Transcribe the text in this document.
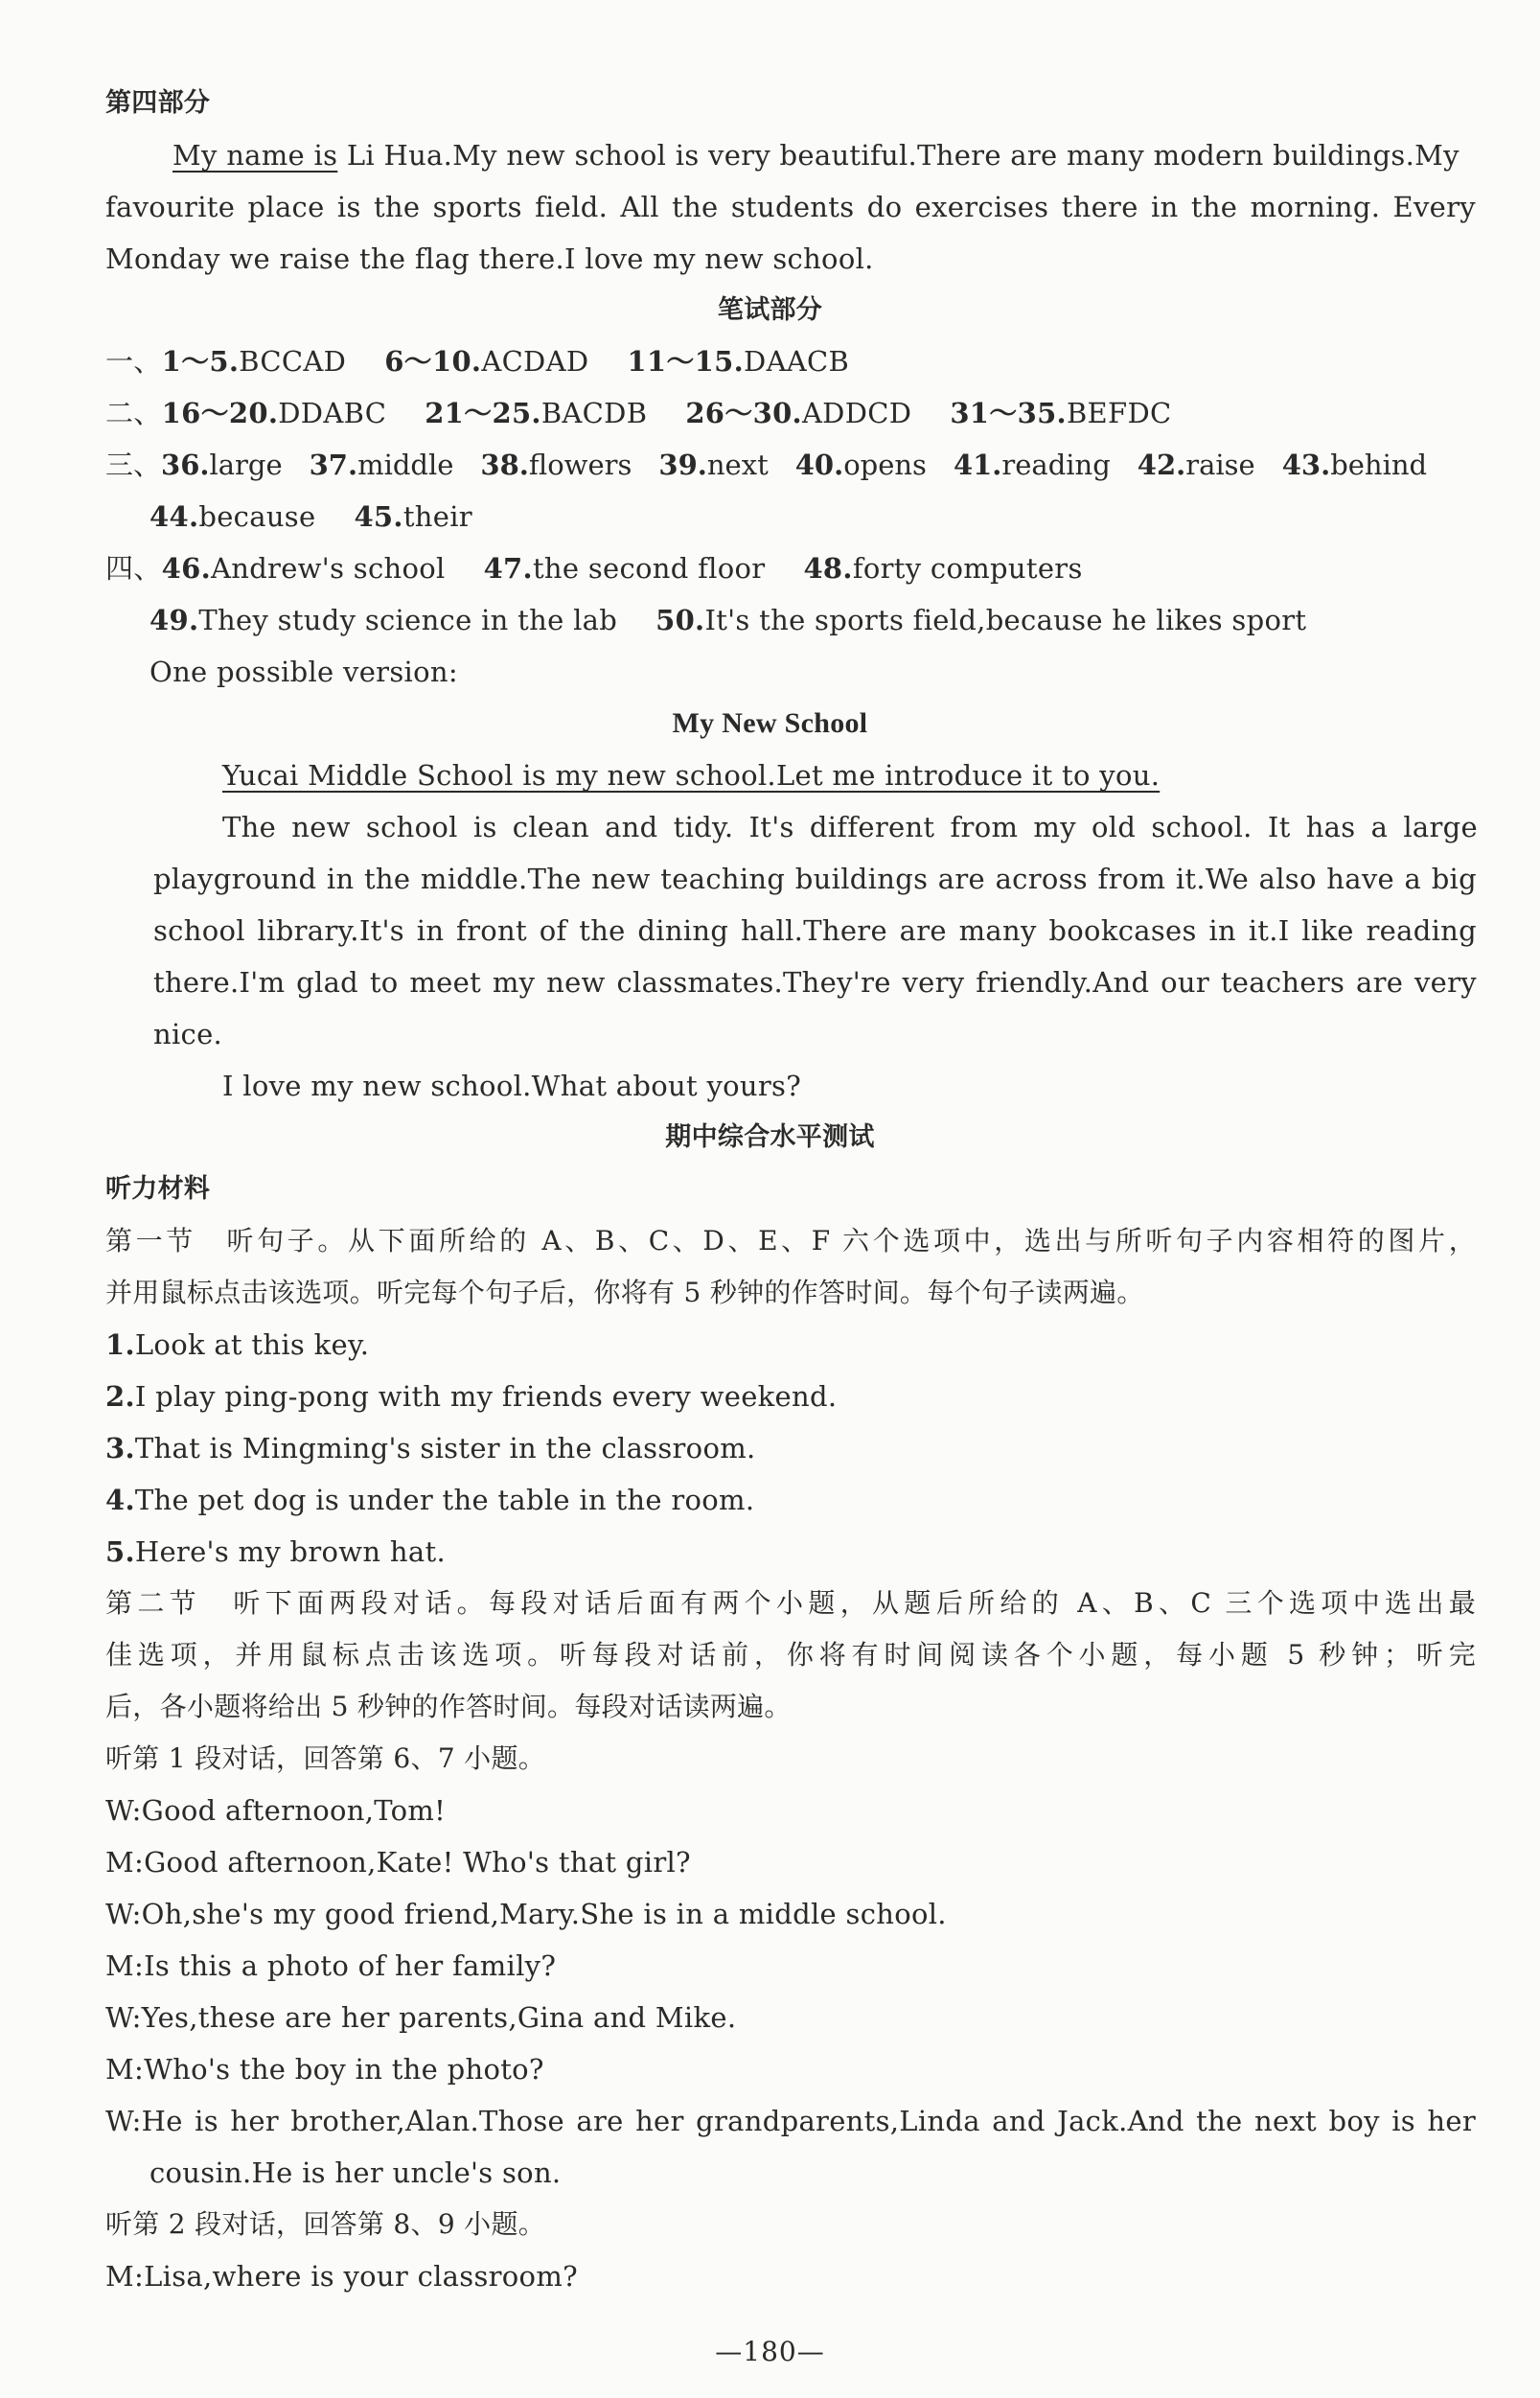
第四部分
My name is Li Hua.My new school is very beautiful.There are many modern buildings.My
favourite place is the sports field. All the students do exercises there in the morning. Every
Monday we raise the flag there.I love my new school.
笔试部分
一、1～5.BCCAD 6～10.ACDAD 11～15.DAACB
二、16～20.DDABC 21～25.BACDB 26～30.ADDCD 31～35.BEFDC
三、36.large 37.middle 38.flowers 39.next 40.opens 41.reading 42.raise 43.behind
44.because 45.their
四、46.Andrew's school 47.the second floor 48.forty computers
49.They study science in the lab 50.It's the sports field,because he likes sport
One possible version:
My New School
Yucai Middle School is my new school.Let me introduce it to you.
The new school is clean and tidy. It's different from my old school. It has a large
playground in the middle.The new teaching buildings are across from it.We also have a big
school library.It's in front of the dining hall.There are many bookcases in it.I like reading
there.I'm glad to meet my new classmates.They're very friendly.And our teachers are very
nice.
I love my new school.What about yours?
期中综合水平测试
听力材料
第一节　听句子。从下面所给的 A、B、C、D、E、F 六个选项中，选出与所听句子内容相符的图片，
并用鼠标点击该选项。听完每个句子后，你将有 5 秒钟的作答时间。每个句子读两遍。
1.Look at this key.
2.I play ping-pong with my friends every weekend.
3.That is Mingming's sister in the classroom.
4.The pet dog is under the table in the room.
5.Here's my brown hat.
第二节　听下面两段对话。每段对话后面有两个小题，从题后所给的 A、B、C 三个选项中选出最
佳选项，并用鼠标点击该选项。听每段对话前，你将有时间阅读各个小题，每小题 5 秒钟；听完
后，各小题将给出 5 秒钟的作答时间。每段对话读两遍。
听第 1 段对话，回答第 6、7 小题。
W:Good afternoon,Tom!
M:Good afternoon,Kate! Who's that girl?
W:Oh,she's my good friend,Mary.She is in a middle school.
M:Is this a photo of her family?
W:Yes,these are her parents,Gina and Mike.
M:Who's the boy in the photo?
W:He is her brother,Alan.Those are her grandparents,Linda and Jack.And the next boy is her
cousin.He is her uncle's son.
听第 2 段对话，回答第 8、9 小题。
M:Lisa,where is your classroom?
—180—
